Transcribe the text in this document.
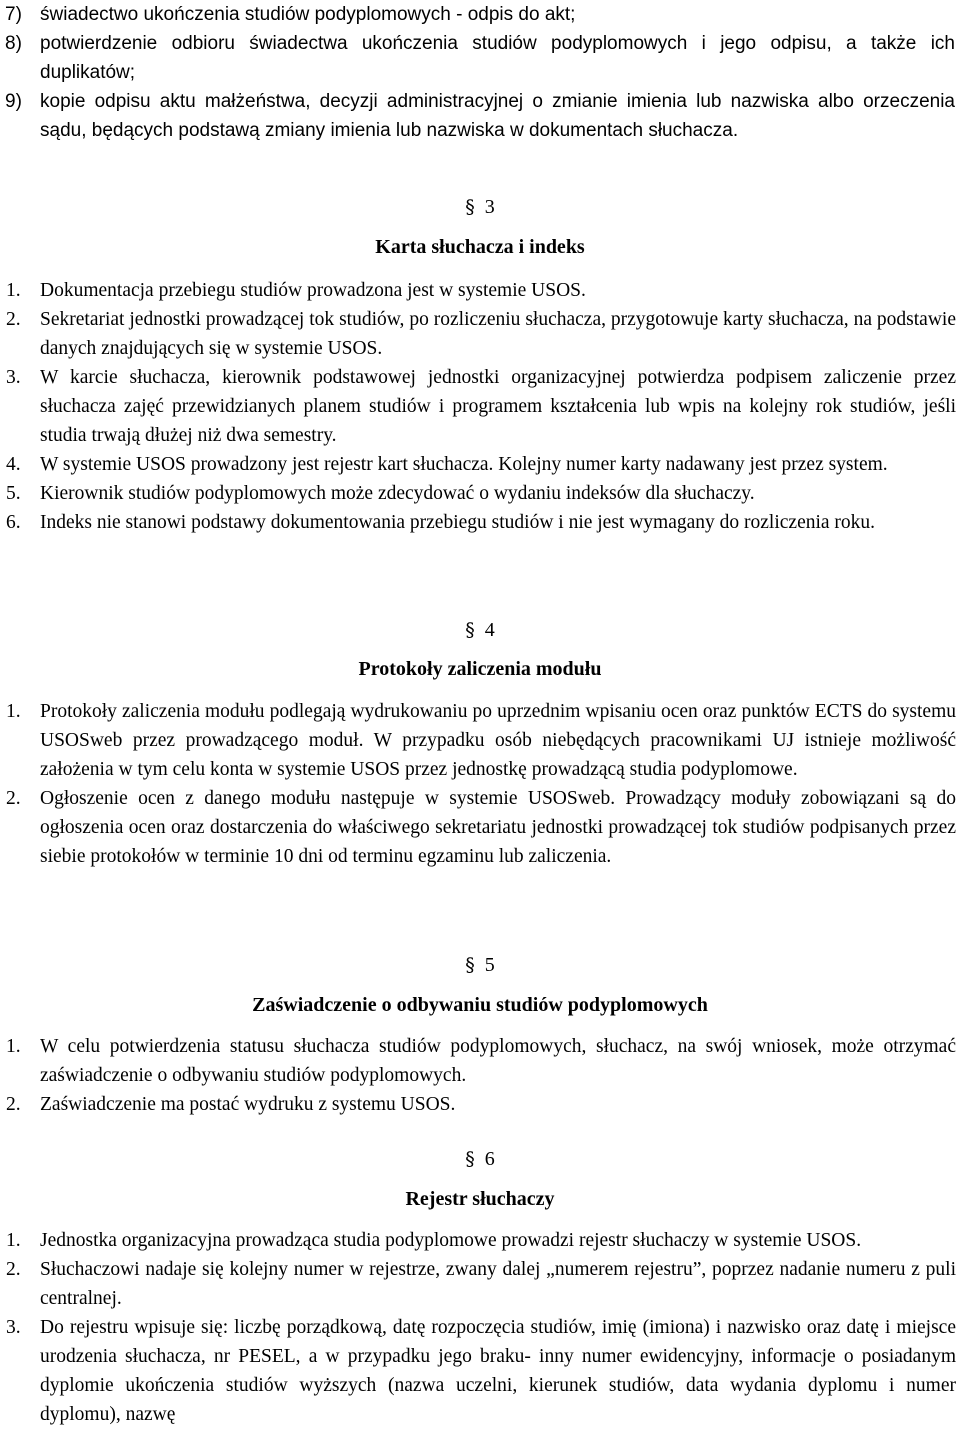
7) świadectwo ukończenia studiów podyplomowych - odpis do akt;
8) potwierdzenie odbioru świadectwa ukończenia studiów podyplomowych i jego odpisu, a także ich duplikatów;
9) kopie odpisu aktu małżeństwa, decyzji administracyjnej o zmianie imienia lub nazwiska albo orzeczenia sądu, będących podstawą zmiany imienia lub nazwiska w dokumentach słuchacza.
§ 3
Karta słuchacza i indeks
1. Dokumentacja przebiegu studiów prowadzona jest w systemie USOS.
2. Sekretariat jednostki prowadzącej tok studiów, po rozliczeniu słuchacza, przygotowuje karty słuchacza, na podstawie danych znajdujących się w systemie USOS.
3. W karcie słuchacza, kierownik podstawowej jednostki organizacyjnej potwierdza podpisem zaliczenie przez słuchacza zajęć przewidzianych planem studiów i programem kształcenia lub wpis na kolejny rok studiów, jeśli studia trwają dłużej niż dwa semestry.
4. W systemie USOS prowadzony jest rejestr kart słuchacza. Kolejny numer karty nadawany jest przez system.
5. Kierownik studiów podyplomowych może zdecydować o wydaniu indeksów dla słuchaczy.
6. Indeks nie stanowi podstawy dokumentowania przebiegu studiów i nie jest wymagany do rozliczenia roku.
§ 4
Protokoły zaliczenia modułu
1. Protokoły zaliczenia modułu podlegają wydrukowaniu po uprzednim wpisaniu ocen oraz punktów ECTS do systemu USOSweb przez prowadzącego moduł. W przypadku osób niebędących pracownikami UJ istnieje możliwość założenia w tym celu konta w systemie USOS przez jednostkę prowadzącą studia podyplomowe.
2. Ogłoszenie ocen z danego modułu następuje w systemie USOSweb. Prowadzący moduły zobowiązani są do ogłoszenia ocen oraz dostarczenia do właściwego sekretariatu jednostki prowadzącej tok studiów podpisanych przez siebie protokołów w terminie 10 dni od terminu egzaminu lub zaliczenia.
§ 5
Zaświadczenie o odbywaniu studiów podyplomowych
1. W celu potwierdzenia statusu słuchacza studiów podyplomowych, słuchacz, na swój wniosek, może otrzymać zaświadczenie o odbywaniu studiów podyplomowych.
2. Zaświadczenie ma postać wydruku z systemu USOS.
§ 6
Rejestr słuchaczy
1. Jednostka organizacyjna prowadząca studia podyplomowe prowadzi rejestr słuchaczy w systemie USOS.
2. Słuchaczowi nadaje się kolejny numer w rejestrze, zwany dalej „numerem rejestru”, poprzez nadanie numeru z puli centralnej.
3. Do rejestru wpisuje się: liczbę porządkową, datę rozpoczęcia studiów, imię (imiona) i nazwisko oraz datę i miejsce urodzenia słuchacza, nr PESEL, a w przypadku jego braku- inny numer ewidencyjny, informacje o posiadanym dyplomie ukończenia studiów wyższych (nazwa uczelni, kierunek studiów, data wydania dyplomu i numer dyplomu), nazwę
